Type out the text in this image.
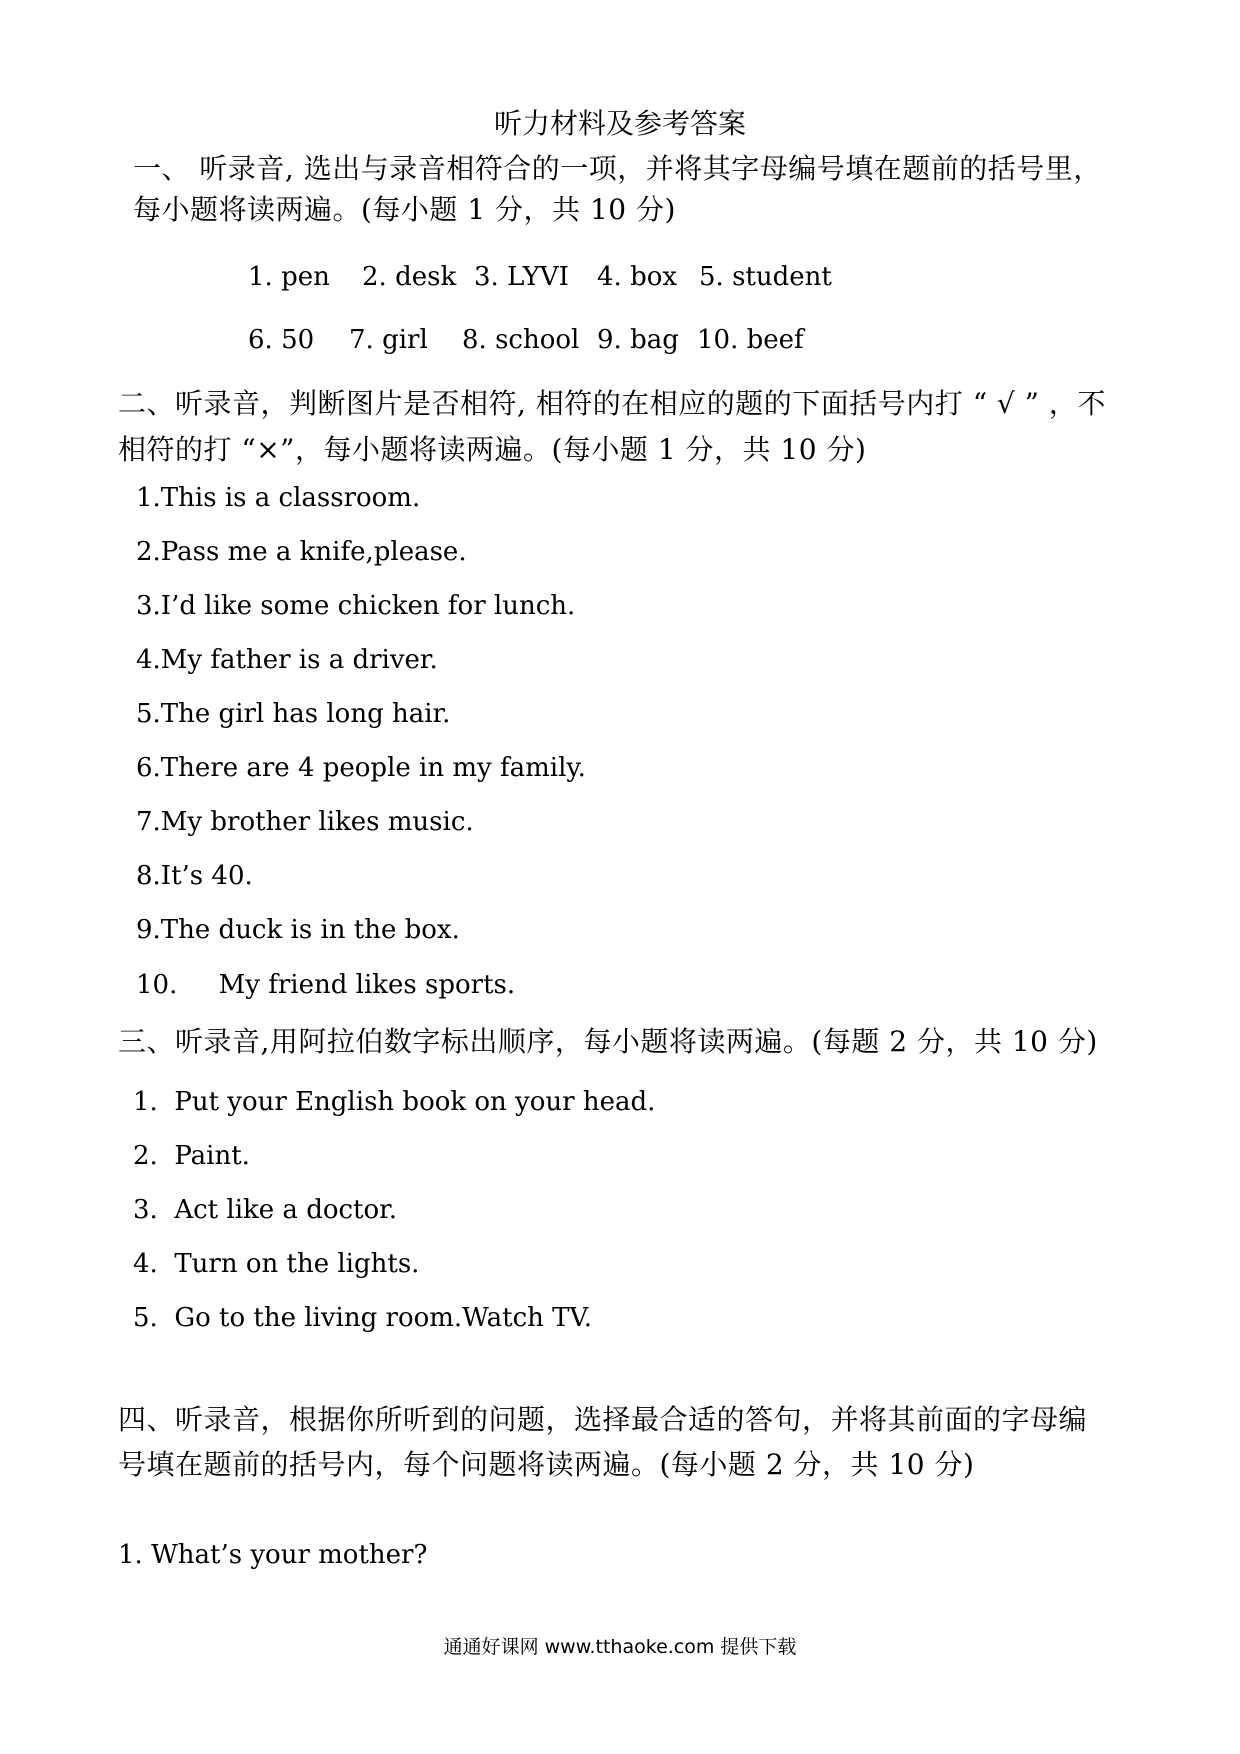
听力材料及参考答案
一、 听录音, 选出与录音相符合的一项，并将其字母编号填在题前的括号里，
每小题将读两遍。(每小题 1 分，共 10 分)
1. pen 2. desk 3. LYVI 4. box 5. student
6. 50 7. girl 8. school 9. bag 10. beef
二、听录音，判断图片是否相符, 相符的在相应的题的下面括号内打 “ √ ” ，不
相符的打 “×”，每小题将读两遍。(每小题 1 分，共 10 分)
1.This is a classroom.
2.Pass me a knife,please.
3.I’d like some chicken for lunch.
4.My father is a driver.
5.The girl has long hair.
6.There are 4 people in my family.
7.My brother likes music.
8.It’s 40.
9.The duck is in the box.
10.     My friend likes sports.
三、听录音,用阿拉伯数字标出顺序，每小题将读两遍。(每题 2 分，共 10 分)
1.  Put your English book on your head.
2.  Paint.
3.  Act like a doctor.
4.  Turn on the lights.
5.  Go to the living room.Watch TV.
四、听录音，根据你所听到的问题，选择最合适的答句，并将其前面的字母编
号填在题前的括号内，每个问题将读两遍。(每小题 2 分，共 10 分)
1. What’s your mother?
通通好课网 www.tthaoke.com 提供下载
